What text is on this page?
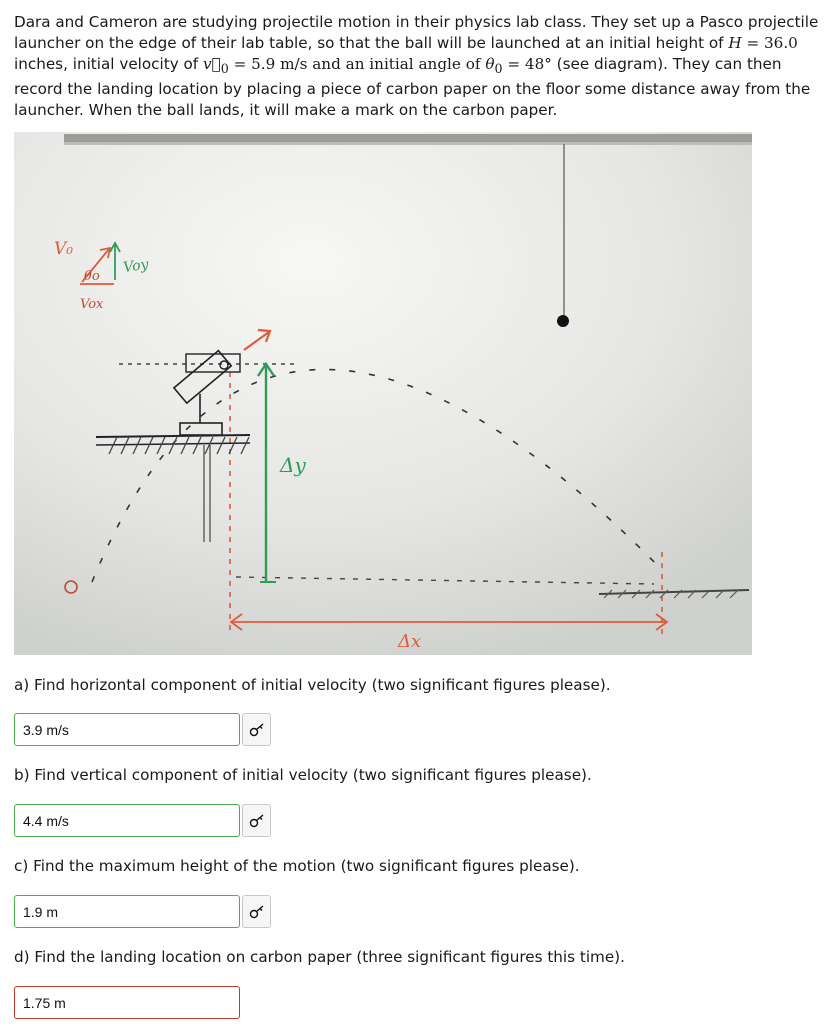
Dara and Cameron are studying projectile motion in their physics lab class. They set up a Pasco projectile launcher on the edge of their lab table, so that the ball will be launched at an initial height of H = 36.0 inches, initial velocity of $v⃗_0 = 5.9$ m/s and an initial angle of $\theta_0 = 48^\circ$ (see diagram). They can then record the landing location by placing a piece of carbon paper on the floor some distance away from the launcher. When the ball lands, it will make a mark on the carbon paper.
V₀
Voy
θo
Vox
Δy
Δx
a) Find horizontal component of initial velocity (two significant figures please).
3.9 m/s
b) Find vertical component of initial velocity (two significant figures please).
4.4 m/s
c) Find the maximum height of the motion (two significant figures please).
1.9 m
d) Find the landing location on carbon paper (three significant figures this time).
1.75 m
